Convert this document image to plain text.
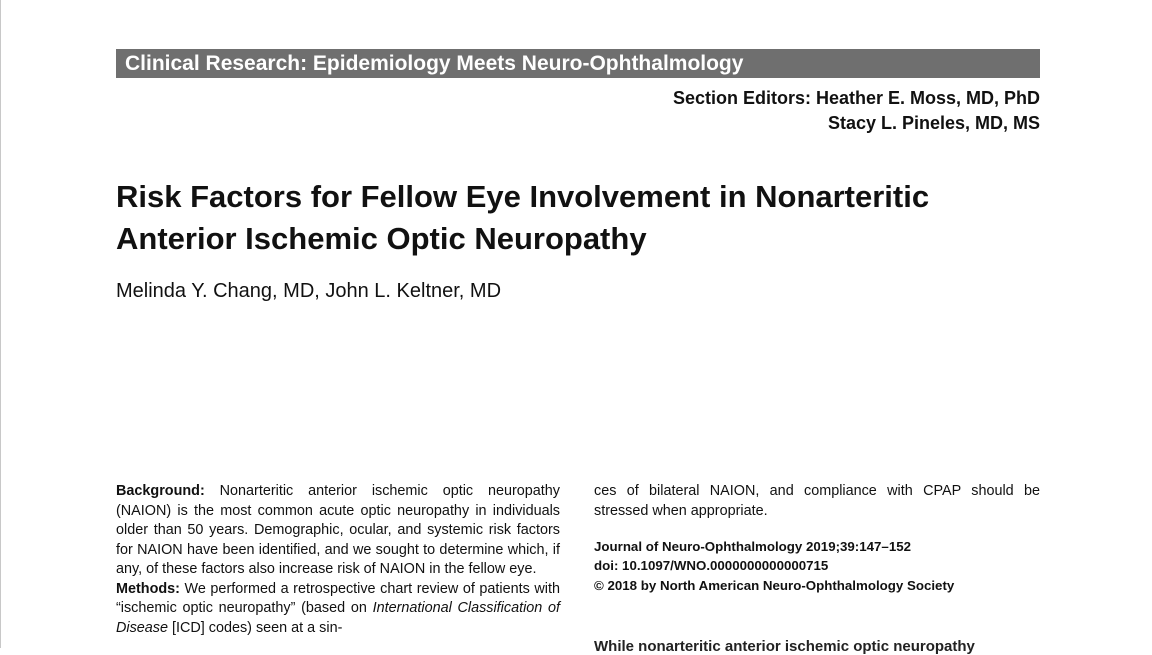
Clinical Research: Epidemiology Meets Neuro-Ophthalmology
Section Editors: Heather E. Moss, MD, PhD
Stacy L. Pineles, MD, MS
Risk Factors for Fellow Eye Involvement in Nonarteritic
Anterior Ischemic Optic Neuropathy
Melinda Y. Chang, MD, John L. Keltner, MD

Background: Nonarteritic anterior ischemic optic neuropathy (NAION) is the most common acute optic neuropathy in individuals older than 50 years. Demographic, ocular, and systemic risk factors for NAION have been identified, and we sought to determine which, if any, of these factors also increase risk of NAION in the fellow eye.

Methods: We performed a retrospective chart review of patients with “ischemic optic neuropathy” (based on International Classification of Disease [ICD] codes) seen at a sin-

ces of bilateral NAION, and compliance with CPAP should be stressed when appropriate.

Journal of Neuro-Ophthalmology 2019;39:147–152
doi: 10.1097/WNO.0000000000000715
© 2018 by North American Neuro-Ophthalmology Society
While nonarteritic anterior ischemic optic neuropathy
